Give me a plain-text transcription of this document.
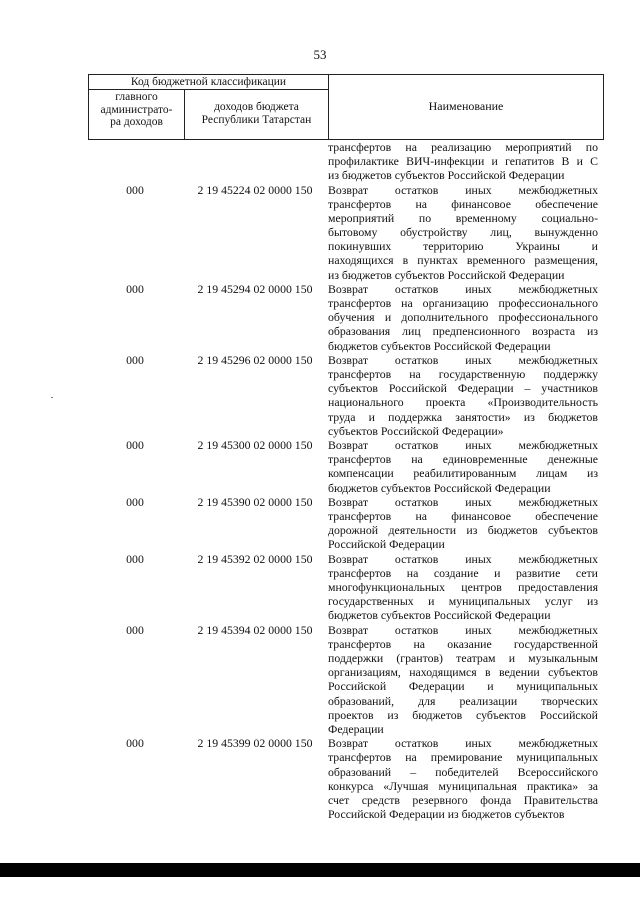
53
Код бюджетной классификации
главного
администрато-
ра доходов
доходов бюджета
Республики Татарстан
Наименование
трансфертов на реализацию мероприятий по
профилактике ВИЧ-инфекции и гепатитов B и C
из бюджетов субъектов Российской Федерации
000	2 19 45224 02 0000 150	Возврат остатков иных межбюджетных
трансфертов на финансовое обеспечение
мероприятий по временному социально-
бытовому обустройству лиц, вынужденно
покинувших территорию Украины и
находящихся в пунктах временного размещения,
из бюджетов субъектов Российской Федерации
000	2 19 45294 02 0000 150	Возврат остатков иных межбюджетных
трансфертов на организацию профессионального
обучения и дополнительного профессионального
образования лиц предпенсионного возраста из
бюджетов субъектов Российской Федерации
000	2 19 45296 02 0000 150	Возврат остатков иных межбюджетных
трансфертов на государственную поддержку
субъектов Российской Федерации – участников
национального проекта «Производительность
труда и поддержка занятости» из бюджетов
субъектов Российской Федерации»
000	2 19 45300 02 0000 150	Возврат остатков иных межбюджетных
трансфертов на единовременные денежные
компенсации реабилитированным лицам из
бюджетов субъектов Российской Федерации
000	2 19 45390 02 0000 150	Возврат остатков иных межбюджетных
трансфертов на финансовое обеспечение
дорожной деятельности из бюджетов субъектов
Российской Федерации
000	2 19 45392 02 0000 150	Возврат остатков иных межбюджетных
трансфертов на создание и развитие сети
многофункциональных центров предоставления
государственных и муниципальных услуг из
бюджетов субъектов Российской Федерации
000	2 19 45394 02 0000 150	Возврат остатков иных межбюджетных
трансфертов на оказание государственной
поддержки (грантов) театрам и музыкальным
организациям, находящимся в ведении субъектов
Российской Федерации и муниципальных
образований, для реализации творческих
проектов из бюджетов субъектов Российской
Федерации
000	2 19 45399 02 0000 150	Возврат остатков иных межбюджетных
трансфертов на премирование муниципальных
образований – победителей Всероссийского
конкурса «Лучшая муниципальная практика» за
счет средств резервного фонда Правительства
Российской Федерации из бюджетов субъектов
